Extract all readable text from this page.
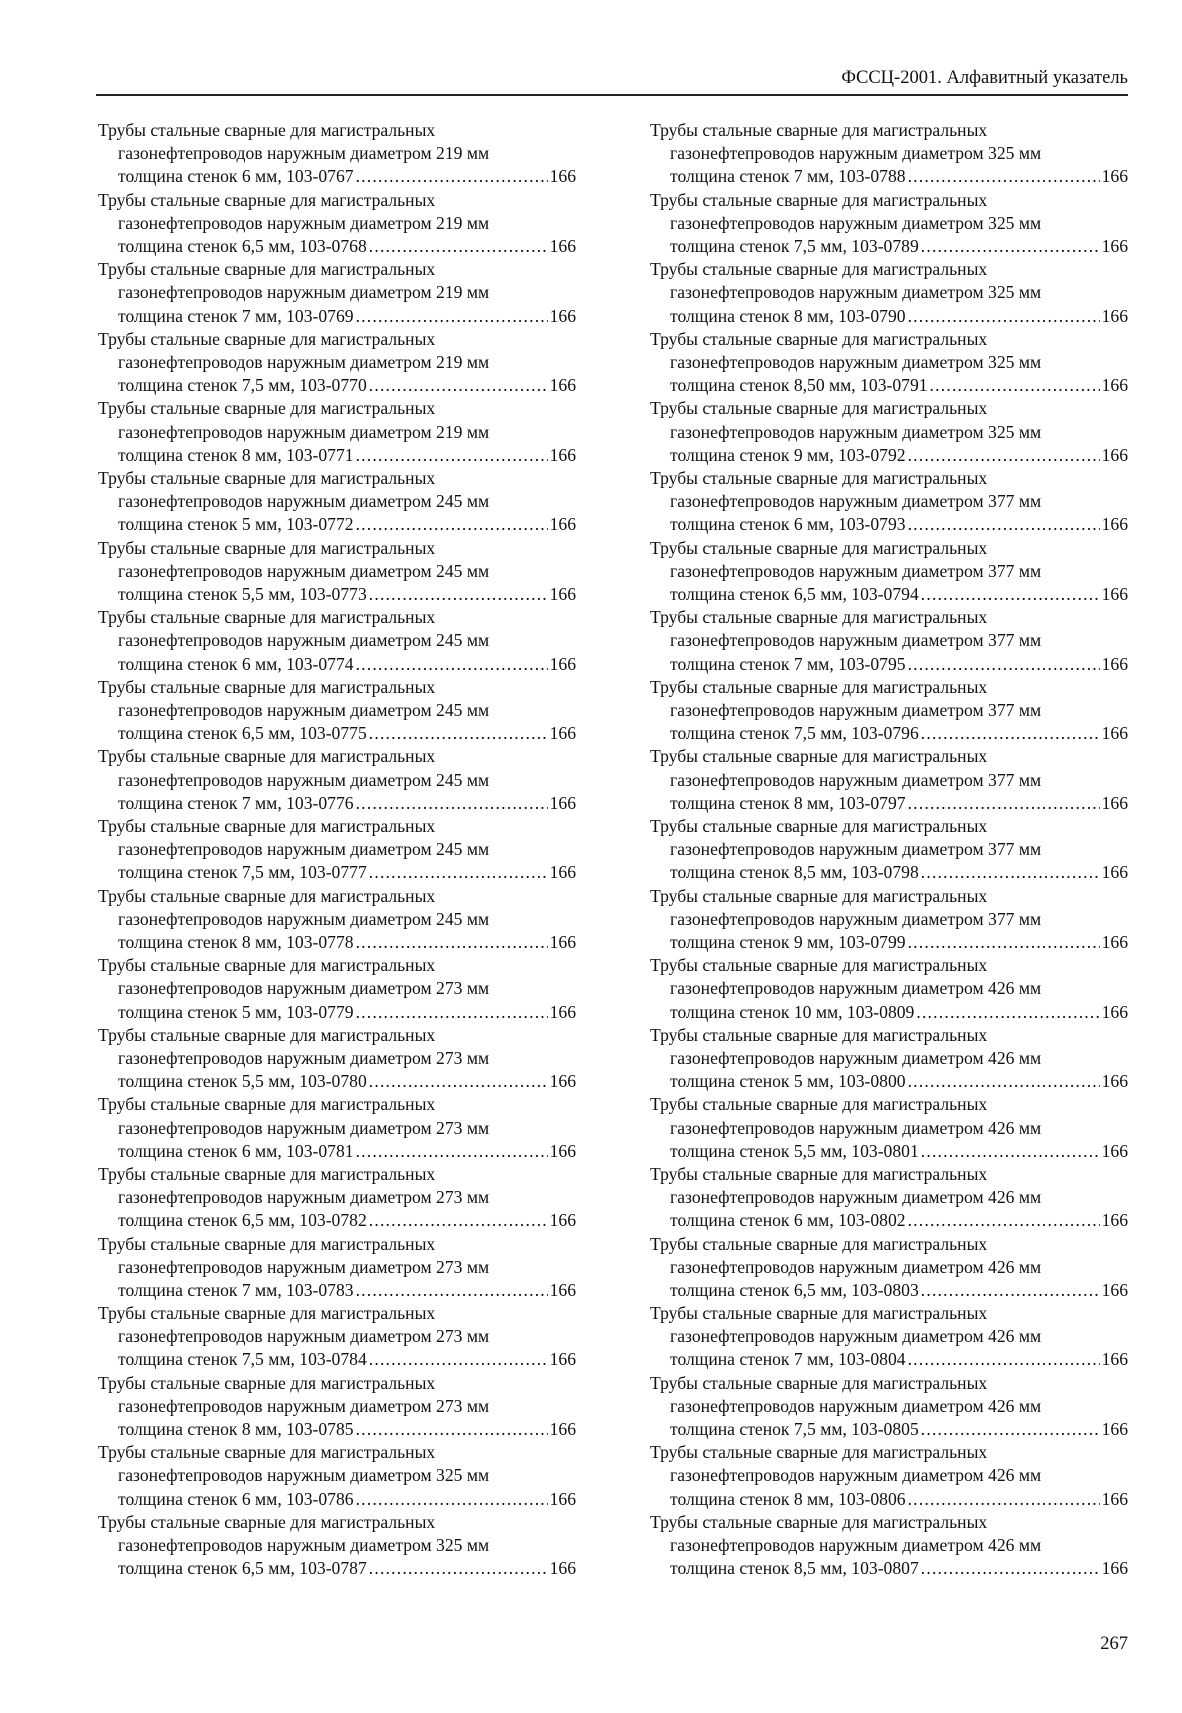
ФССЦ-2001. Алфавитный указатель
Трубы стальные сварные для магистральных
газонефтепроводов наружным диаметром 219 мм
толщина стенок 6 мм, 103-0767 .....	166
Трубы стальные сварные для магистральных
газонефтепроводов наружным диаметром 219 мм
толщина стенок 6,5 мм, 103-0768 .....	166
Трубы стальные сварные для магистральных
газонефтепроводов наружным диаметром 219 мм
толщина стенок 7 мм, 103-0769 .....	166
Трубы стальные сварные для магистральных
газонефтепроводов наружным диаметром 219 мм
толщина стенок 7,5 мм, 103-0770 .....	166
Трубы стальные сварные для магистральных
газонефтепроводов наружным диаметром 219 мм
толщина стенок 8 мм, 103-0771 .....	166
Трубы стальные сварные для магистральных
газонефтепроводов наружным диаметром 245 мм
толщина стенок 5 мм, 103-0772 .....	166
Трубы стальные сварные для магистральных
газонефтепроводов наружным диаметром 245 мм
толщина стенок 5,5 мм, 103-0773 .....	166
Трубы стальные сварные для магистральных
газонефтепроводов наружным диаметром 245 мм
толщина стенок 6 мм, 103-0774 .....	166
Трубы стальные сварные для магистральных
газонефтепроводов наружным диаметром 245 мм
толщина стенок 6,5 мм, 103-0775 .....	166
Трубы стальные сварные для магистральных
газонефтепроводов наружным диаметром 245 мм
толщина стенок 7 мм, 103-0776 .....	166
Трубы стальные сварные для магистральных
газонефтепроводов наружным диаметром 245 мм
толщина стенок 7,5 мм, 103-0777 .....	166
Трубы стальные сварные для магистральных
газонефтепроводов наружным диаметром 245 мм
толщина стенок 8 мм, 103-0778 .....	166
Трубы стальные сварные для магистральных
газонефтепроводов наружным диаметром 273 мм
толщина стенок 5 мм, 103-0779 .....	166
Трубы стальные сварные для магистральных
газонефтепроводов наружным диаметром 273 мм
толщина стенок 5,5 мм, 103-0780 .....	166
Трубы стальные сварные для магистральных
газонефтепроводов наружным диаметром 273 мм
толщина стенок 6 мм, 103-0781 .....	166
Трубы стальные сварные для магистральных
газонефтепроводов наружным диаметром 273 мм
толщина стенок 6,5 мм, 103-0782 .....	166
Трубы стальные сварные для магистральных
газонефтепроводов наружным диаметром 273 мм
толщина стенок 7 мм, 103-0783 .....	166
Трубы стальные сварные для магистральных
газонефтепроводов наружным диаметром 273 мм
толщина стенок 7,5 мм, 103-0784 .....	166
Трубы стальные сварные для магистральных
газонефтепроводов наружным диаметром 273 мм
толщина стенок 8 мм, 103-0785 .....	166
Трубы стальные сварные для магистральных
газонефтепроводов наружным диаметром 325 мм
толщина стенок 6 мм, 103-0786 .....	166
Трубы стальные сварные для магистральных
газонефтепроводов наружным диаметром 325 мм
толщина стенок 6,5 мм, 103-0787 .....	166
Трубы стальные сварные для магистральных
газонефтепроводов наружным диаметром 325 мм
толщина стенок 7 мм, 103-0788 .....	166
Трубы стальные сварные для магистральных
газонефтепроводов наружным диаметром 325 мм
толщина стенок 7,5 мм, 103-0789 .....	166
Трубы стальные сварные для магистральных
газонефтепроводов наружным диаметром 325 мм
толщина стенок 8 мм, 103-0790 .....	166
Трубы стальные сварные для магистральных
газонефтепроводов наружным диаметром 325 мм
толщина стенок 8,50 мм, 103-0791 .....	166
Трубы стальные сварные для магистральных
газонефтепроводов наружным диаметром 325 мм
толщина стенок 9 мм, 103-0792 .....	166
Трубы стальные сварные для магистральных
газонефтепроводов наружным диаметром 377 мм
толщина стенок 6 мм, 103-0793 .....	166
Трубы стальные сварные для магистральных
газонефтепроводов наружным диаметром 377 мм
толщина стенок 6,5 мм, 103-0794 .....	166
Трубы стальные сварные для магистральных
газонефтепроводов наружным диаметром 377 мм
толщина стенок 7 мм, 103-0795 .....	166
Трубы стальные сварные для магистральных
газонефтепроводов наружным диаметром 377 мм
толщина стенок 7,5 мм, 103-0796 .....	166
Трубы стальные сварные для магистральных
газонефтепроводов наружным диаметром 377 мм
толщина стенок 8 мм, 103-0797 .....	166
Трубы стальные сварные для магистральных
газонефтепроводов наружным диаметром 377 мм
толщина стенок 8,5 мм, 103-0798 .....	166
Трубы стальные сварные для магистральных
газонефтепроводов наружным диаметром 377 мм
толщина стенок 9 мм, 103-0799 .....	166
Трубы стальные сварные для магистральных
газонефтепроводов наружным диаметром 426 мм
толщина стенок 10 мм, 103-0809 .....	166
Трубы стальные сварные для магистральных
газонефтепроводов наружным диаметром 426 мм
толщина стенок 5 мм, 103-0800 .....	166
Трубы стальные сварные для магистральных
газонефтепроводов наружным диаметром 426 мм
толщина стенок 5,5 мм, 103-0801 .....	166
Трубы стальные сварные для магистральных
газонефтепроводов наружным диаметром 426 мм
толщина стенок 6 мм, 103-0802 .....	166
Трубы стальные сварные для магистральных
газонефтепроводов наружным диаметром 426 мм
толщина стенок 6,5 мм, 103-0803 .....	166
Трубы стальные сварные для магистральных
газонефтепроводов наружным диаметром 426 мм
толщина стенок 7 мм, 103-0804 .....	166
Трубы стальные сварные для магистральных
газонефтепроводов наружным диаметром 426 мм
толщина стенок 7,5 мм, 103-0805 .....	166
Трубы стальные сварные для магистральных
газонефтепроводов наружным диаметром 426 мм
толщина стенок 8 мм, 103-0806 .....	166
Трубы стальные сварные для магистральных
газонефтепроводов наружным диаметром 426 мм
толщина стенок 8,5 мм, 103-0807 .....	166
267
